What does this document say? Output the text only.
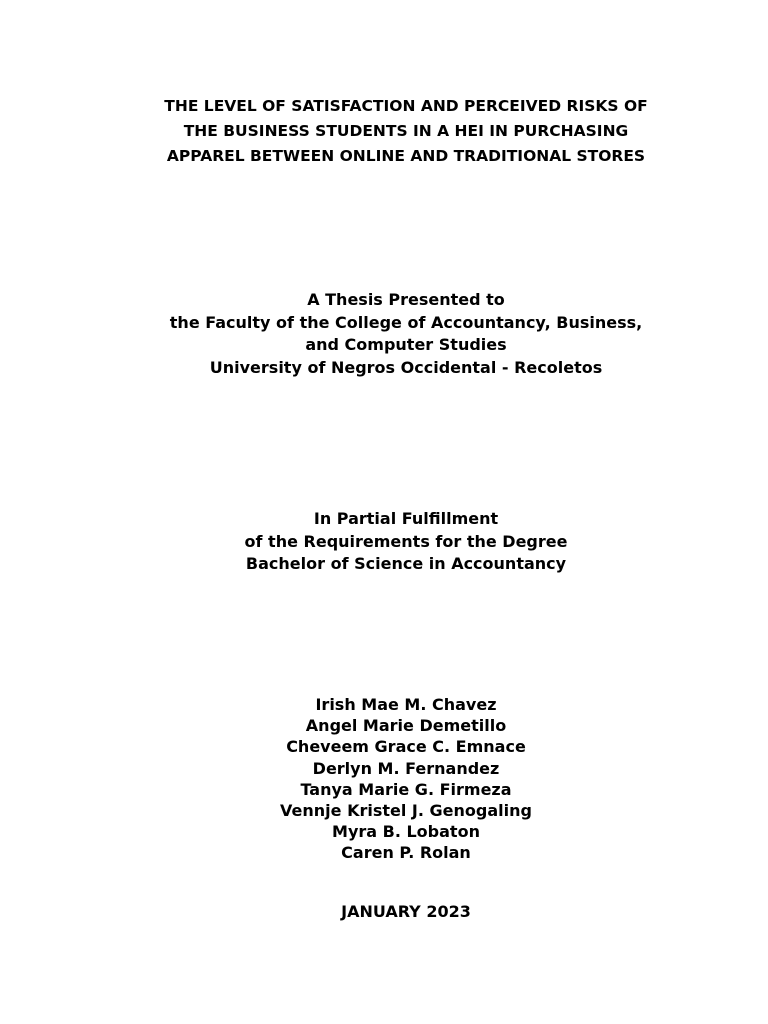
THE LEVEL OF SATISFACTION AND PERCEIVED RISKS OF
THE BUSINESS STUDENTS IN A HEI IN PURCHASING
APPAREL BETWEEN ONLINE AND TRADITIONAL STORES
A Thesis Presented to
the Faculty of the College of Accountancy, Business,
and Computer Studies
University of Negros Occidental - Recoletos
In Partial Fulfillment
of the Requirements for the Degree
Bachelor of Science in Accountancy
Irish Mae M. Chavez
Angel Marie Demetillo
Cheveem Grace C. Emnace
Derlyn M. Fernandez
Tanya Marie G. Firmeza
Vennje Kristel J. Genogaling
Myra B. Lobaton
Caren P. Rolan
JANUARY 2023
